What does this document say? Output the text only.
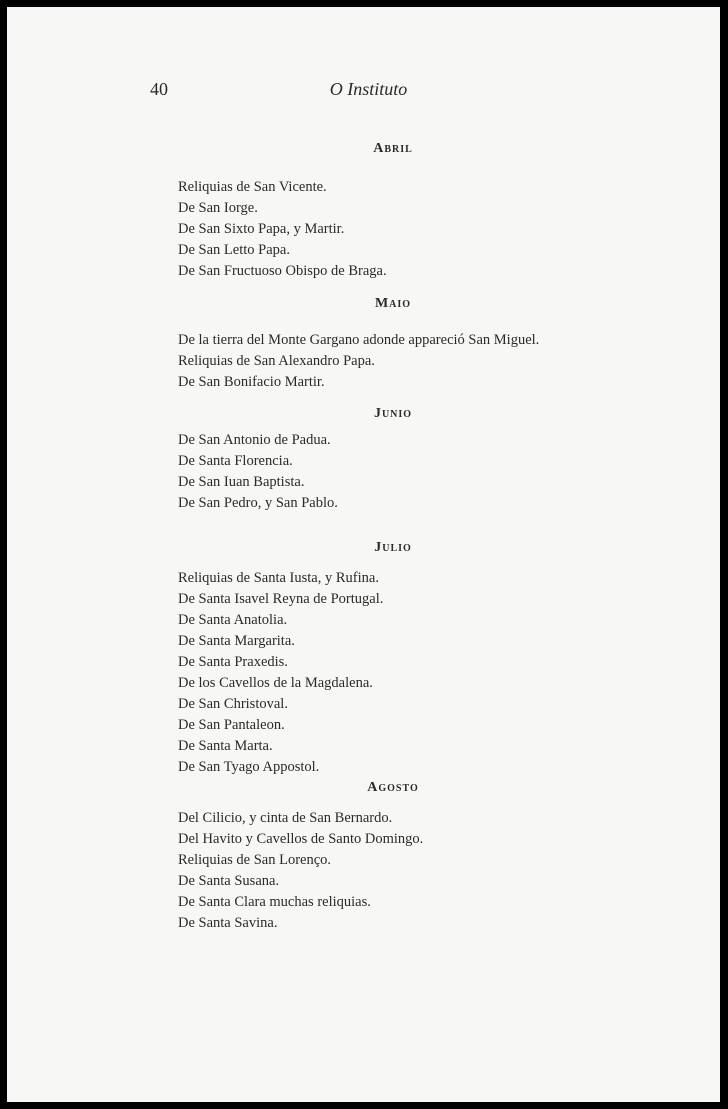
40	O Instituto
Abril
Reliquias de San Vicente.
De San Iorge.
De San Sixto Papa, y Martir.
De San Letto Papa.
De San Fructuoso Obispo de Braga.
Maio
De la tierra del Monte Gargano adonde appareció San Miguel.
Reliquias de San Alexandro Papa.
De San Bonifacio Martir.
Junio
De San Antonio de Padua.
De Santa Florencia.
De San Iuan Baptista.
De San Pedro, y San Pablo.
Julio
Reliquias de Santa Iusta, y Rufina.
De Santa Isavel Reyna de Portugal.
De Santa Anatolia.
De Santa Margarita.
De Santa Praxedis.
De los Cavellos de la Magdalena.
De San Christoval.
De San Pantaleon.
De Santa Marta.
De San Tyago Appostol.
Agosto
Del Cilicio, y cinta de San Bernardo.
Del Havito y Cavellos de Santo Domingo.
Reliquias de San Lorenço.
De Santa Susana.
De Santa Clara muchas reliquias.
De Santa Savina.
